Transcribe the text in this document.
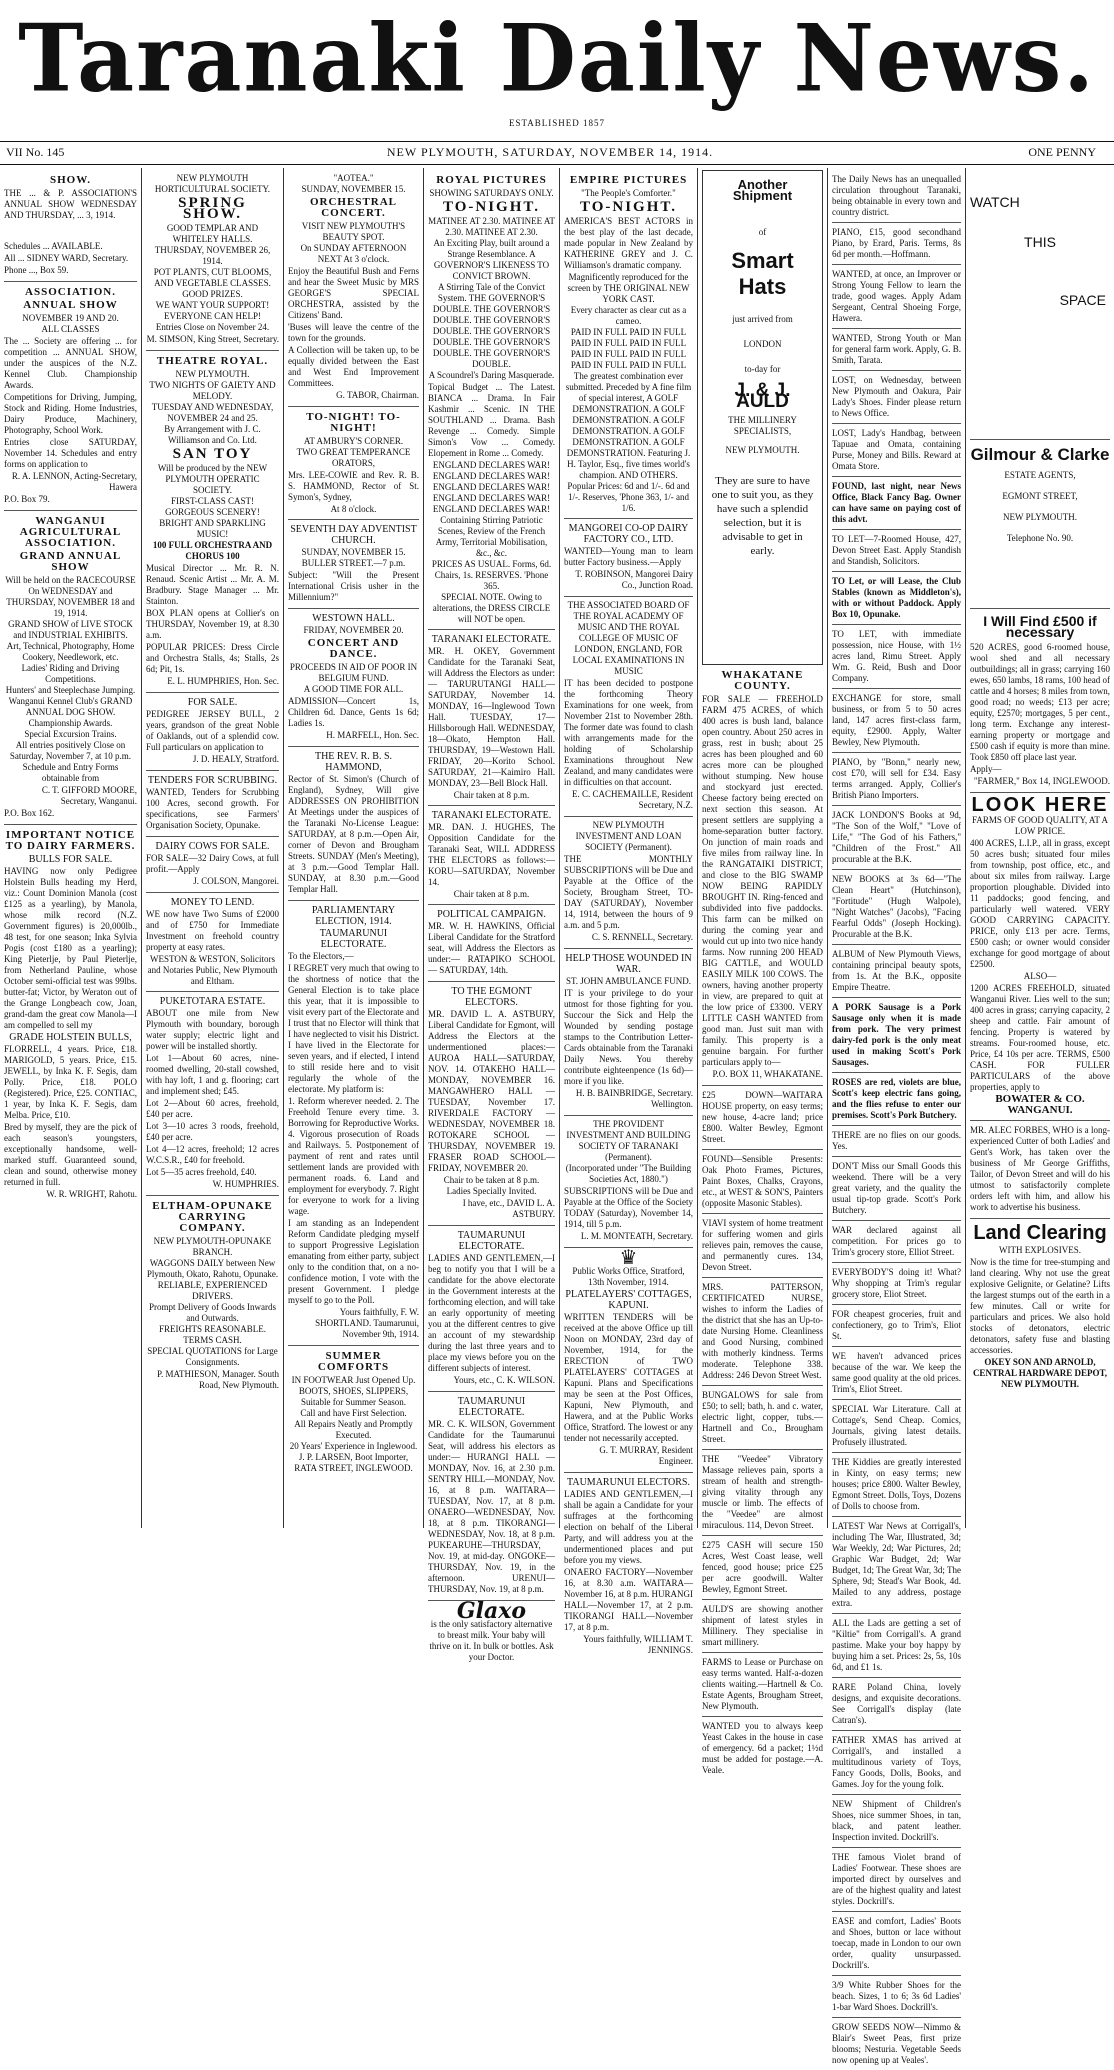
Taranaki Daily News.
ESTABLISHED 1857
VII No. 145	NEW PLYMOUTH, SATURDAY, NOVEMBER 14, 1914.	ONE PENNY
SHOW.
THE ... & P. ASSOCIATION'S ANNUAL SHOW WEDNESDAY AND THURSDAY, ... 3, 1914.
Schedules ... AVAILABLE.
All ... SIDNEY WARD, Secretary.
Phone ..., Box 59.
ASSOCIATION.
ANNUAL SHOW
NOVEMBER 19 AND 20.
ALL CLASSES
The ... Society are offering ... for competition ... ANNUAL SHOW, under the auspices of the N.Z. Kennel Club. Championship Awards.
Competitions for Driving, Jumping, Stock and Riding. Home Industries, Dairy Produce, Machinery, Photography, School Work.
Entries close SATURDAY, November 14. Schedules and entry forms on application to
R. A. LENNON, Acting-Secretary, Hawera
P.O. Box 79.
WANGANUI AGRICULTURAL ASSOCIATION.
GRAND ANNUAL SHOW
Will be held on the RACECOURSE On WEDNESDAY and THURSDAY, NOVEMBER 18 and 19, 1914.
GRAND SHOW of LIVE STOCK and INDUSTRIAL EXHIBITS.
Art, Technical, Photography, Home Cookery, Needlework, etc.
Ladies' Riding and Driving Competitions.
Hunters' and Steeplechase Jumping.
Wanganui Kennel Club's GRAND ANNUAL DOG SHOW.
Championship Awards.
Special Excursion Trains.
All entries positively Close on Saturday, November 7, at 10 p.m.
Schedule and Entry Forms obtainable from
C. T. GIFFORD MOORE, Secretary, Wanganui.
P.O. Box 162.
IMPORTANT NOTICE TO DAIRY FARMERS.
BULLS FOR SALE.
HAVING now only Pedigree Holstein Bulls heading my Herd, viz.: Count Dominion Manola (cost £125 as a yearling), by Manola, whose milk record (N.Z. Government figures) is 20,000lb., 48 test, for one season; Inka Sylvia Pogis (cost £180 as a yearling); King Pieterlje, by Paul Pieterlje, from Netherland Pauline, whose October semi-official test was 99lbs. butter-fat; Victor, by Weraton out of the Grange Longbeach cow, Joan, grand-dam the great cow Manola—I am compelled to sell my
GRADE HOLSTEIN BULLS,
FLORRELL, 4 years. Price, £18. MARIGOLD, 5 years. Price, £15. JEWELL, by Inka K. F. Segis, dam Polly. Price, £18. POLO (Registered). Price, £25. CONTIAC, 1 year, by Inka K. F. Segis, dam Melba. Price, £10.
Bred by myself, they are the pick of each season's youngsters, exceptionally handsome, well-marked stuff. Guaranteed sound, clean and sound, otherwise money returned in full.
W. R. WRIGHT, Rahotu.
NEW PLYMOUTH HORTICULTURAL SOCIETY.
SPRING SHOW.
GOOD TEMPLAR AND WHITELEY HALLS.
THURSDAY, NOVEMBER 26, 1914.
POT PLANTS, CUT BLOOMS, AND VEGETABLE CLASSES.
GOOD PRIZES.
WE WANT YOUR SUPPORT! EVERYONE CAN HELP!
Entries Close on November 24.
M. SIMSON, King Street, Secretary.
THEATRE ROYAL.
NEW PLYMOUTH.
TWO NIGHTS OF GAIETY AND MELODY.
TUESDAY AND WEDNESDAY, NOVEMBER 24 and 25.
By Arrangement with J. C. Williamson and Co. Ltd.
SAN TOY
Will be produced by the NEW PLYMOUTH OPERATIC SOCIETY.
FIRST-CLASS CAST! GORGEOUS SCENERY!
BRIGHT AND SPARKLING MUSIC!
100 FULL ORCHESTRA AND CHORUS 100
Musical Director ... Mr. R. N. Renaud. Scenic Artist ... Mr. A. M. Bradbury. Stage Manager ... Mr. Stainton.
BOX PLAN opens at Collier's on THURSDAY, November 19, at 8.30 a.m.
POPULAR PRICES: Dress Circle and Orchestra Stalls, 4s; Stalls, 2s 6d; Pit, 1s.
E. L. HUMPHRIES, Hon. Sec.
FOR SALE.
PEDIGREE JERSEY BULL, 2 years, grandson of the great Noble of Oaklands, out of a splendid cow. Full particulars on application to
J. D. HEALY, Stratford.
TENDERS FOR SCRUBBING.
WANTED, Tenders for Scrubbing 100 Acres, second growth. For specifications, see Farmers' Organisation Society, Opunake.
DAIRY COWS FOR SALE.
FOR SALE—32 Dairy Cows, at full profit.—Apply
J. COLSON, Mangorei.
MONEY TO LEND.
WE now have Two Sums of £2000 and of £750 for Immediate Investment on freehold country property at easy rates.
WESTON & WESTON, Solicitors and Notaries Public, New Plymouth and Eltham.
PUKETOTARA ESTATE.
ABOUT one mile from New Plymouth with boundary, borough water supply; electric light and power will be installed shortly.
Lot 1—About 60 acres, nine-roomed dwelling, 20-stall cowshed, with hay loft, 1 and g. flooring; cart and implement shed; £45.
Lot 2—About 60 acres, freehold, £40 per acre.
Lot 3—10 acres 3 roods, freehold, £40 per acre.
Lot 4—12 acres, freehold; 12 acres W.C.S.R., £40 for freehold.
Lot 5—35 acres freehold, £40.
W. HUMPHRIES.
ELTHAM-OPUNAKE CARRYING COMPANY.
NEW PLYMOUTH-OPUNAKE BRANCH.
WAGGONS DAILY between New Plymouth, Okato, Rahotu, Opunake.
RELIABLE, EXPERIENCED DRIVERS.
Prompt Delivery of Goods Inwards and Outwards.
FREIGHTS REASONABLE. TERMS CASH.
SPECIAL QUOTATIONS for Large Consignments.
P. MATHIESON, Manager. South Road, New Plymouth.
"AOTEA."
SUNDAY, NOVEMBER 15.
ORCHESTRAL CONCERT.
VISIT NEW PLYMOUTH'S BEAUTY SPOT.
On SUNDAY AFTERNOON NEXT At 3 o'clock.
Enjoy the Beautiful Bush and Ferns and hear the Sweet Music by MRS GEORGE'S SPECIAL ORCHESTRA, assisted by the Citizens' Band.
'Buses will leave the centre of the town for the grounds.
A Collection will be taken up, to be equally divided between the East and West End Improvement Committees.
G. TABOR, Chairman.
TO-NIGHT! TO-NIGHT!
AT AMBURY'S CORNER.
TWO GREAT TEMPERANCE ORATORS,
Mrs. LEE-COWIE and Rev. R. B. S. HAMMOND, Rector of St. Symon's, Sydney,
At 8 o'clock.
SEVENTH DAY ADVENTIST CHURCH.
SUNDAY, NOVEMBER 15.
BULLER STREET.—7 p.m.
Subject: "Will the Present International Crisis usher in the Millennium?"
WESTOWN HALL.
FRIDAY, NOVEMBER 20.
CONCERT AND DANCE.
PROCEEDS IN AID OF POOR IN BELGIUM FUND.
A GOOD TIME FOR ALL.
ADMISSION—Concert 1s, Children 6d. Dance, Gents 1s 6d; Ladies 1s.
H. MARFELL, Hon. Sec.
THE REV. R. B. S. HAMMOND,
Rector of St. Simon's (Church of England), Sydney, Will give ADDRESSES ON PROHIBITION At Meetings under the auspices of the Taranaki No-License League: SATURDAY, at 8 p.m.—Open Air, corner of Devon and Brougham Streets. SUNDAY (Men's Meeting), at 3 p.m.—Good Templar Hall. SUNDAY, at 8.30 p.m.—Good Templar Hall.
PARLIAMENTARY ELECTION, 1914.
TAUMARUNUI ELECTORATE.
To the Electors,—
I REGRET very much that owing to the shortness of notice that the General Election is to take place this year, that it is impossible to visit every part of the Electorate and I trust that no Elector will think that I have neglected to visit his District. I have lived in the Electorate for seven years, and if elected, I intend to still reside here and to visit regularly the whole of the electorate. My platform is:
1. Reform wherever needed. 2. The Freehold Tenure every time. 3. Borrowing for Reproductive Works. 4. Vigorous prosecution of Roads and Railways. 5. Postponement of payment of rent and rates until settlement lands are provided with permanent roads. 6. Land and employment for everybody. 7. Right for everyone to work for a living wage.
I am standing as an Independent Reform Candidate pledging myself to support Progressive Legislation emanating from either party, subject only to the condition that, on a no-confidence motion, I vote with the present Government. I pledge myself to go to the Poll.
Yours faithfully, F. W. SHORTLAND. Taumarunui, November 9th, 1914.
SUMMER COMFORTS
IN FOOTWEAR Just Opened Up.
BOOTS, SHOES, SLIPPERS, Suitable for Summer Season.
Call and have First Selection.
All Repairs Neatly and Promptly Executed.
20 Years' Experience in Inglewood.
J. P. LARSEN, Boot Importer, RATA STREET, INGLEWOOD.
ROYAL PICTURES
SHOWING SATURDAYS ONLY.
TO-NIGHT.
MATINEE AT 2.30. MATINEE AT 2.30. MATINEE AT 2.30.
An Exciting Play, built around a Strange Resemblance. A GOVERNOR'S LIKENESS TO CONVICT BROWN.
A Stirring Tale of the Convict System. THE GOVERNOR'S DOUBLE. THE GOVERNOR'S DOUBLE. THE GOVERNOR'S DOUBLE. THE GOVERNOR'S DOUBLE. THE GOVERNOR'S DOUBLE. THE GOVERNOR'S DOUBLE.
A Scoundrel's Daring Masquerade.
Topical Budget ... The Latest. BIANCA ... Drama. In Fair Kashmir ... Scenic. IN THE SOUTHLAND ... Drama. Bash Revenge ... Comedy. Simple Simon's Vow ... Comedy. Elopement in Rome ... Comedy.
ENGLAND DECLARES WAR! ENGLAND DECLARES WAR! ENGLAND DECLARES WAR! ENGLAND DECLARES WAR! ENGLAND DECLARES WAR!
Containing Stirring Patriotic Scenes, Review of the French Army, Territorial Mobilisation, &c., &c.
PRICES AS USUAL. Forms, 6d. Chairs, 1s. RESERVES. 'Phone 365.
SPECIAL NOTE. Owing to alterations, the DRESS CIRCLE will NOT be open.
TARANAKI ELECTORATE.
MR. H. OKEY, Government Candidate for the Taranaki Seat, will Address the Electors as under:— TARURUTANGI HALL—SATURDAY, November 14. MONDAY, 16—Inglewood Town Hall. TUESDAY, 17—Hillsborough Hall. WEDNESDAY, 18—Okato, Hempton Hall. THURSDAY, 19—Westown Hall. FRIDAY, 20—Korito School. SATURDAY, 21—Kaimiro Hall. MONDAY, 23—Bell Block Hall.
Chair taken at 8 p.m.
TARANAKI ELECTORATE.
MR. DAN. J. HUGHES, The Opposition Candidate for the Taranaki Seat, WILL ADDRESS THE ELECTORS as follows:— KORU—SATURDAY, November 14.
Chair taken at 8 p.m.
POLITICAL CAMPAIGN.
MR. W. H. HAWKINS, Official Liberal Candidate for the Stratford seat, will Address the Electors as under:— RATAPIKO SCHOOL — SATURDAY, 14th.
TO THE EGMONT ELECTORS.
MR. DAVID L. A. ASTBURY, Liberal Candidate for Egmont, will Address the Electors at the undermentioned places:— AUROA HALL—SATURDAY, NOV. 14. OTAKEHO HALL—MONDAY, NOVEMBER 16. MANGAWHERO HALL — TUESDAY, November 17. RIVERDALE FACTORY — WEDNESDAY, NOVEMBER 18. ROTOKARE SCHOOL — THURSDAY, NOVEMBER 19. FRASER ROAD SCHOOL—FRIDAY, NOVEMBER 20.
Chair to be taken at 8 p.m.
Ladies Specially Invited.
I have, etc., DAVID L. A. ASTBURY.
TAUMARUNUI ELECTORATE.
LADIES AND GENTLEMEN,—I beg to notify you that I will be a candidate for the above electorate in the Government interests at the forthcoming election, and will take an early opportunity of meeting you at the different centres to give an account of my stewardship during the last three years and to place my views before you on the different subjects of interest.
Yours, etc., C. K. WILSON.
TAUMARUNUI ELECTORATE.
MR. C. K. WILSON, Government Candidate for the Taumarunui Seat, will address his electors as under:— HURANGI HALL — MONDAY, Nov. 16, at 2.30 p.m. SENTRY HILL—MONDAY, Nov. 16, at 8 p.m. WAITARA—TUESDAY, Nov. 17, at 8 p.m. ONAERO—WEDNESDAY, Nov. 18, at 8 p.m. TIKORANGI—WEDNESDAY, Nov. 18, at 8 p.m. PUKEARUHE—THURSDAY, Nov. 19, at mid-day. ONGOKE—THURSDAY, Nov. 19, in the afternoon. URENUI—THURSDAY, Nov. 19, at 8 p.m.
Glaxo
is the only satisfactory alternative to breast milk. Your baby will thrive on it. In bulk or bottles. Ask your Doctor.
EMPIRE PICTURES
"The People's Comforter."
TO-NIGHT.
AMERICA'S BEST ACTORS in the best play of the last decade, made popular in New Zealand by KATHERINE GREY and J. C. Williamson's dramatic company.
Magnificently reproduced for the screen by THE ORIGINAL NEW YORK CAST.
Every character as clear cut as a cameo.
PAID IN FULL PAID IN FULL PAID IN FULL PAID IN FULL PAID IN FULL PAID IN FULL PAID IN FULL PAID IN FULL
The greatest combination ever submitted. Preceded by A fine film of special interest, A GOLF DEMONSTRATION. A GOLF DEMONSTRATION. A GOLF DEMONSTRATION. A GOLF DEMONSTRATION. A GOLF DEMONSTRATION. Featuring J. H. Taylor, Esq., five times world's champion. AND OTHERS.
Popular Prices: 6d and 1/-. 6d and 1/-. Reserves, 'Phone 363, 1/- and 1/6.
MANGOREI CO-OP DAIRY FACTORY CO., LTD.
WANTED—Young man to learn butter Factory business.—Apply
T. ROBINSON, Mangorei Dairy Co., Junction Road.
THE ASSOCIATED BOARD OF THE ROYAL ACADEMY OF MUSIC AND THE ROYAL COLLEGE OF MUSIC OF LONDON, ENGLAND, FOR LOCAL EXAMINATIONS IN MUSIC
IT has been decided to postpone the forthcoming Theory Examinations for one week, from November 21st to November 28th. The former date was found to clash with arrangements made for the holding of Scholarship Examinations throughout New Zealand, and many candidates were in difficulties on that account.
E. C. CACHEMAILLE, Resident Secretary, N.Z.
NEW PLYMOUTH INVESTMENT AND LOAN SOCIETY (Permanent).
THE MONTHLY SUBSCRIPTIONS will be Due and Payable at the Office of the Society, Brougham Street, TO-DAY (SATURDAY), November 14, 1914, between the hours of 9 a.m. and 5 p.m.
C. S. RENNELL, Secretary.
HELP THOSE WOUNDED IN WAR.
ST. JOHN AMBULANCE FUND.
IT is your privilege to do your utmost for those fighting for you. Succour the Sick and Help the Wounded by sending postage stamps to the Contribution Letter-Cards obtainable from the Taranaki Daily News. You thereby contribute eighteenpence (1s 6d)—more if you like.
H. B. BAINBRIDGE, Secretary. Wellington.
THE PROVIDENT INVESTMENT AND BUILDING SOCIETY OF TARANAKI (Permanent).
(Incorporated under "The Building Societies Act, 1880.")
SUBSCRIPTIONS will be Due and Payable at the Office of the Society TODAY (Saturday), November 14, 1914, till 5 p.m.
L. M. MONTEATH, Secretary.
♛
Public Works Office, Stratford, 13th November, 1914.
PLATELAYERS' COTTAGES, KAPUNI.
WRITTEN TENDERS will be received at the above Office up till Noon on MONDAY, 23rd day of November, 1914, for the ERECTION of TWO PLATELAYERS' COTTAGES at Kapuni. Plans and Specifications may be seen at the Post Offices, Kapuni, New Plymouth, and Hawera, and at the Public Works Office, Stratford. The lowest or any tender not necessarily accepted.
G. T. MURRAY, Resident Engineer.
TAUMARUNUI ELECTORS.
LADIES AND GENTLEMEN,—I shall be again a Candidate for your suffrages at the forthcoming election on behalf of the Liberal Party, and will address you at the undermentioned places and put before you my views.
ONAERO FACTORY—November 16, at 8.30 a.m. WAITARA—November 16, at 8 p.m. HURANGI HALL—November 17, at 2 p.m. TIKORANGI HALL—November 17, at 8 p.m.
Yours faithfully, WILLIAM T. JENNINGS.
Another Shipment
of
Smart Hats
just arrived from
LONDON
to-day for
J. & J. AULD
THE MILLINERY SPECIALISTS,
NEW PLYMOUTH.
They are sure to have one to suit you, as they have such a splendid selection, but it is advisable to get in early.
WHAKATANE COUNTY.
FOR SALE — FREEHOLD FARM 475 ACRES, of which 400 acres is bush land, balance open country. About 250 acres in grass, rest in bush; about 25 acres has been ploughed and 60 acres more can be ploughed without stumping. New house and stockyard just erected. Cheese factory being erected on next section this season. At present settlers are supplying a home-separation butter factory. On junction of main roads and five miles from railway line. In the RANGATAIKI DISTRICT, and close to the BIG SWAMP NOW BEING RAPIDLY BROUGHT IN. Ring-fenced and subdivided into five paddocks. This farm can be milked on during the coming year and would cut up into two nice handy farms. Now running 200 HEAD BIG CATTLE, and WOULD EASILY MILK 100 COWS. The owners, having another property in view, are prepared to quit at the low price of £3300. VERY LITTLE CASH WANTED from good man. Just suit man with family. This property is a genuine bargain. For further particulars apply to—
P.O. BOX 11, WHAKATANE.
£25 DOWN—WAITARA HOUSE property, on easy terms; new house, 4-acre land; price £800. Walter Bewley, Egmont Street.
FOUND—Sensible Presents: Oak Photo Frames, Pictures, Paint Boxes, Chalks, Crayons, etc., at WEST & SON'S, Painters (opposite Masonic Stables).
VIAVI system of home treatment for suffering women and girls relieves pain, removes the cause, and permanently cures. 134, Devon Street.
MRS. PATTERSON, CERTIFICATED NURSE, wishes to inform the Ladies of the district that she has an Up-to-date Nursing Home. Cleanliness and Good Nursing, combined with motherly kindness. Terms moderate. Telephone 338. Address: 246 Devon Street West.
BUNGALOWS for sale from £50; to sell; bath, h. and c. water, electric light, copper, tubs.—Hartnell and Co., Brougham Street.
THE "Veedee" Vibratory Massage relieves pain, sports a stream of health and strength-giving vitality through any muscle or limb. The effects of the "Veedee" are almost miraculous. 114, Devon Street.
£275 CASH will secure 150 Acres, West Coast lease, well fenced, good house; price £25 per acre goodwill. Walter Bewley, Egmont Street.
AULD'S are showing another shipment of latest styles in Millinery. They specialise in smart millinery.
FARMS to Lease or Purchase on easy terms wanted. Half-a-dozen clients waiting.—Hartnell & Co. Estate Agents, Brougham Street, New Plymouth.
WANTED you to always keep Yeast Cakes in the house in case of emergency. 6d a packet; 1½d must be added for postage.—A. Veale.
The Daily News has an unequalled circulation throughout Taranaki, being obtainable in every town and country district.
PIANO, £15, good secondhand Piano, by Erard, Paris. Terms, 8s 6d per month.—Hoffmann.
WANTED, at once, an Improver or Strong Young Fellow to learn the trade, good wages. Apply Adam Sergeant, Central Shoeing Forge, Hawera.
WANTED, Strong Youth or Man for general farm work. Apply, G. B. Smith, Tarata.
LOST, on Wednesday, between New Plymouth and Oakura, Pair Lady's Shoes. Finder please return to News Office.
LOST, Lady's Handbag, between Tapuae and Omata, containing Purse, Money and Bills. Reward at Omata Store.
FOUND, last night, near News Office, Black Fancy Bag. Owner can have same on paying cost of this advt.
TO LET—7-Roomed House, 427, Devon Street East. Apply Standish and Standish, Solicitors.
TO Let, or will Lease, the Club Stables (known as Middleton's), with or without Paddock. Apply Box 10, Opunake.
TO LET, with immediate possession, nice House, with 1½ acres land, Rimu Street. Apply Wm. G. Reid, Bush and Door Company.
EXCHANGE for store, small business, or from 5 to 50 acres land, 147 acres first-class farm, equity, £2900. Apply, Walter Bewley, New Plymouth.
PIANO, by "Bonn," nearly new, cost £70, will sell for £34. Easy terms arranged. Apply, Collier's British Piano Importers.
JACK LONDON'S Books at 9d, "The Son of the Wolf," "Love of Life," "The God of his Fathers," "Children of the Frost." All procurable at the B.K.
NEW BOOKS at 3s 6d—"The Clean Heart" (Hutchinson), "Fortitude" (Hugh Walpole), "Night Watches" (Jacobs), "Facing Fearful Odds" (Joseph Hocking). Procurable at the B.K.
ALBUM of New Plymouth Views, containing principal beauty spots, from 1s. At the B.K., opposite Empire Theatre.
A PORK Sausage is a Pork Sausage only when it is made from pork. The very primest dairy-fed pork is the only meat used in making Scott's Pork Sausages.
ROSES are red, violets are blue, Scott's keep electric fans going, and the flies refuse to enter our premises. Scott's Pork Butchery.
THERE are no flies on our goods. Yes.
DON'T Miss our Small Goods this weekend. There will be a very great variety, and the quality the usual tip-top grade. Scott's Pork Butchery.
WAR declared against all competition. For prices go to Trim's grocery store, Elliot Street.
EVERYBODY'S doing it! What? Why shopping at Trim's regular grocery store, Eliot Street.
FOR cheapest groceries, fruit and confectionery, go to Trim's, Eliot St.
WE haven't advanced prices because of the war. We keep the same good quality at the old prices. Trim's, Eliot Street.
SPECIAL War Literature. Call at Cottage's, Send Cheap. Comics, Journals, giving latest details. Profusely illustrated.
THE Kiddies are greatly interested in Kinty, on easy terms; new houses; price £800. Walter Bewley, Egmont Street. Dolls, Toys, Dozens of Dolls to choose from.
LATEST War News at Corrigall's, including The War, Illustrated, 3d; War Weekly, 2d; War Pictures, 2d; Graphic War Budget, 2d; War Budget, 1d; The Great War, 3d; The Sphere, 9d; Stead's War Book, 4d. Mailed to any address, postage extra.
ALL the Lads are getting a set of "Kiltie" from Corrigall's. A grand pastime. Make your boy happy by buying him a set. Prices: 2s, 5s, 10s 6d, and £1 1s.
RARE Poland China, lovely designs, and exquisite decorations. See Corrigall's display (late Catran's).
FATHER XMAS has arrived at Corrigall's, and installed a multitudinous variety of Toys, Fancy Goods, Dolls, Books, and Games. Joy for the young folk.
NEW Shipment of Children's Shoes, nice summer Shoes, in tan, black, and patent leather. Inspection invited. Dockrill's.
THE famous Violet brand of Ladies' Footwear. These shoes are imported direct by ourselves and are of the highest quality and latest styles. Dockrill's.
EASE and comfort, Ladies' Boots and Shoes, button or lace without toecap, made in London to our own order, quality unsurpassed. Dockrill's.
3/9 White Rubber Shoes for the beach. Sizes, 1 to 6; 3s 6d Ladies' 1-bar Ward Shoes. Dockrill's.
GROW SEEDS NOW—Nimmo & Blair's Sweet Peas, first prize blooms; Nesturia. Vegetable Seeds now opening up at Veales'.
WATCH
THIS
SPACE
Gilmour & Clarke
ESTATE AGENTS,
EGMONT STREET,
NEW PLYMOUTH.
Telephone No. 90.
I Will Find £500 if necessary
520 ACRES, good 6-roomed house, wool shed and all necessary outbuildings; all in grass; carrying 160 ewes, 650 lambs, 18 rams, 100 head of cattle and 4 horses; 8 miles from town, good road; no weeds; £13 per acre; equity, £2570; mortgages, 5 per cent., long term. Exchange any interest-earning property or mortgage and £500 cash if equity is more than mine. Took £850 off place last year.
Apply—
"FARMER," Box 14, INGLEWOOD.
LOOK HERE
FARMS OF GOOD QUALITY, AT A LOW PRICE.
400 ACRES, L.I.P., all in grass, except 50 acres bush; situated four miles from township, post office, etc., and about six miles from railway. Large proportion ploughable. Divided into 11 paddocks; good fencing, and particularly well watered. VERY GOOD CARRYING CAPACITY. PRICE, only £13 per acre. Terms, £500 cash; or owner would consider exchange for good mortgage of about £2500.
ALSO—
1200 ACRES FREEHOLD, situated Wanganui River. Lies well to the sun; 400 acres in grass; carrying capacity, 2 sheep and cattle. Fair amount of fencing. Property is watered by streams. Four-roomed house, etc. Price, £4 10s per acre. TERMS, £500 CASH. FOR FULLER PARTICULARS of the above properties, apply to
BOWATER & CO. WANGANUI.
MR. ALEC FORBES, WHO is a long-experienced Cutter of both Ladies' and Gent's Work, has taken over the business of Mr George Griffiths, Tailor, of Devon Street and will do his utmost to satisfactorily complete orders left with him, and allow his work to advertise his business.
Land Clearing
WITH EXPLOSIVES.
Now is the time for tree-stumping and land clearing. Why not use the great explosive Gelignite, or Gelatine? Lifts the largest stumps out of the earth in a few minutes. Call or write for particulars and prices. We also hold stocks of detonators, electric detonators, safety fuse and blasting accessories.
OKEY SON AND ARNOLD, CENTRAL HARDWARE DEPOT, NEW PLYMOUTH.
